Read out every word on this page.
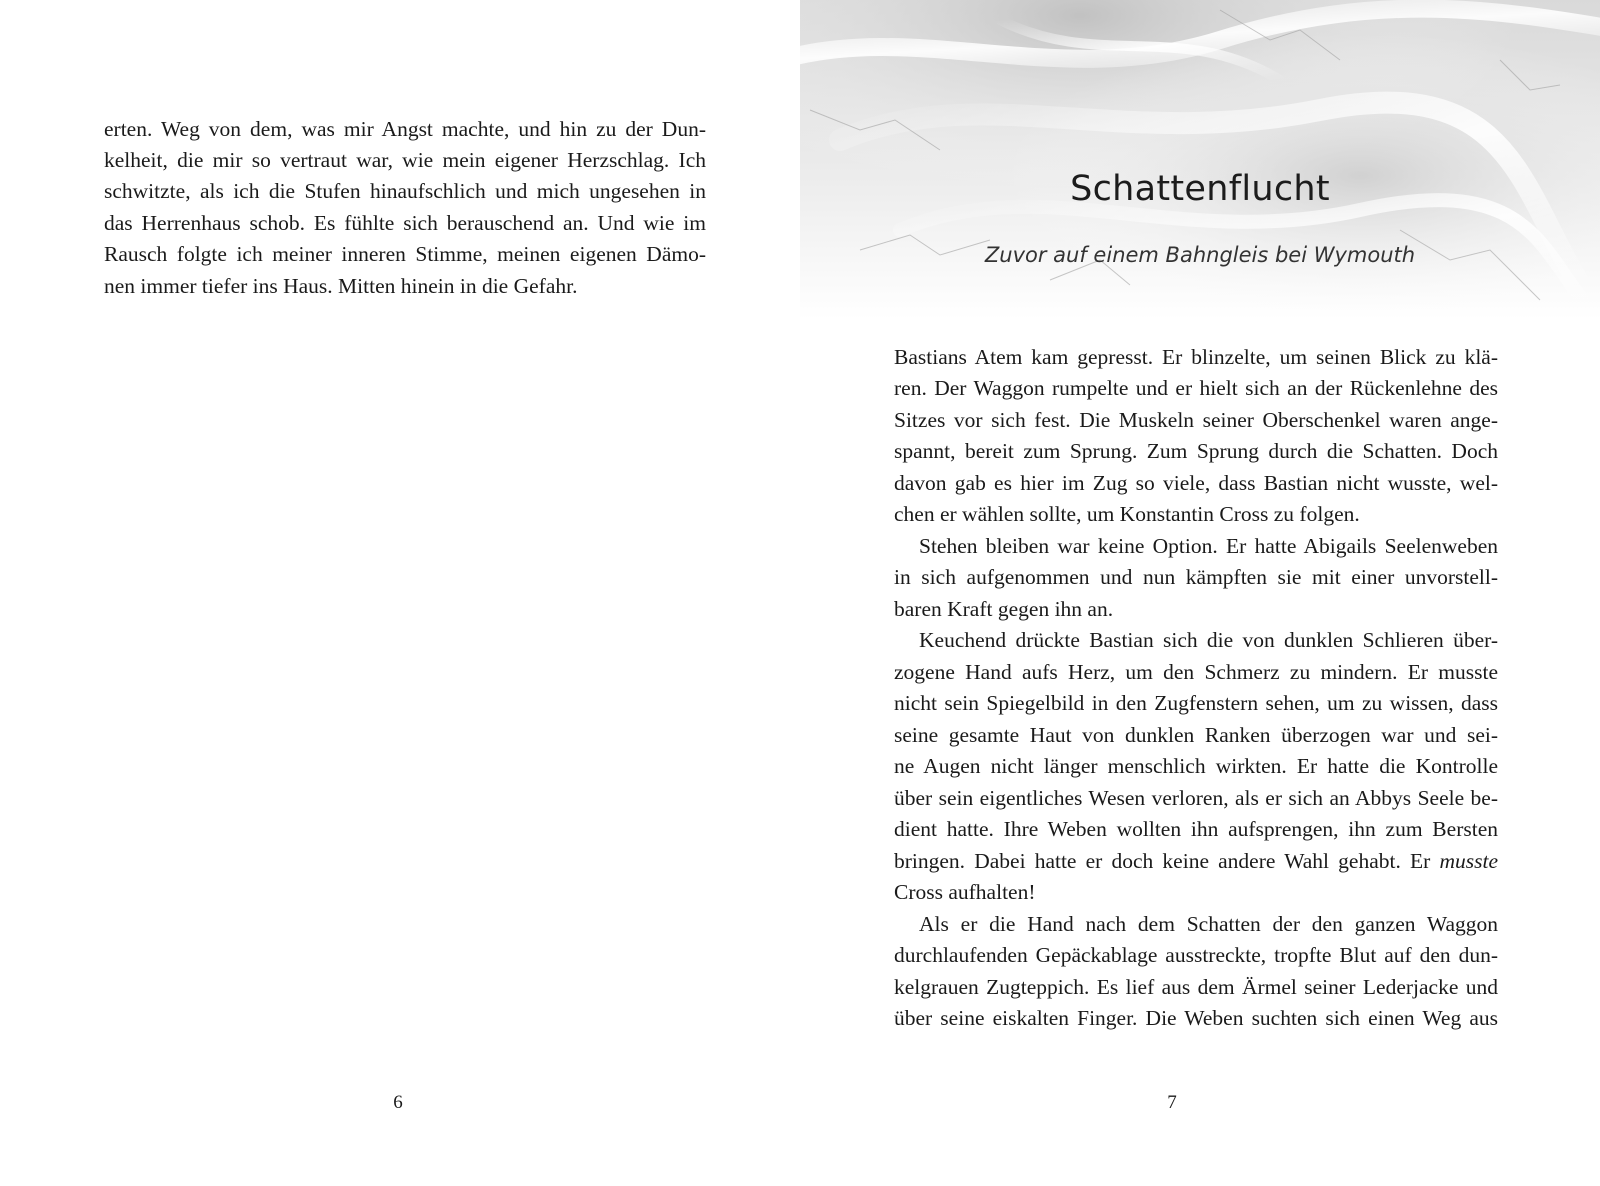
erten. Weg von dem, was mir Angst machte, und hin zu der Dun-
kelheit, die mir so vertraut war, wie mein eigener Herzschlag. Ich
schwitzte, als ich die Stufen hinaufschlich und mich ungesehen in
das Herrenhaus schob. Es fühlte sich berauschend an. Und wie im
Rausch folgte ich meiner inneren Stimme, meinen eigenen Dämo-
nen immer tiefer ins Haus. Mitten hinein in die Gefahr.
6
Schattenflucht
Zuvor auf einem Bahngleis bei Wymouth
Bastians Atem kam gepresst. Er blinzelte, um seinen Blick zu klä-
ren. Der Waggon rumpelte und er hielt sich an der Rückenlehne des
Sitzes vor sich fest. Die Muskeln seiner Oberschenkel waren ange-
spannt, bereit zum Sprung. Zum Sprung durch die Schatten. Doch
davon gab es hier im Zug so viele, dass Bastian nicht wusste, wel-
chen er wählen sollte, um Konstantin Cross zu folgen.
Stehen bleiben war keine Option. Er hatte Abigails Seelenweben
in sich aufgenommen und nun kämpften sie mit einer unvorstell-
baren Kraft gegen ihn an.
Keuchend drückte Bastian sich die von dunklen Schlieren über-
zogene Hand aufs Herz, um den Schmerz zu mindern. Er musste
nicht sein Spiegelbild in den Zugfenstern sehen, um zu wissen, dass
seine gesamte Haut von dunklen Ranken überzogen war und sei-
ne Augen nicht länger menschlich wirkten. Er hatte die Kontrolle
über sein eigentliches Wesen verloren, als er sich an Abbys Seele be-
dient hatte. Ihre Weben wollten ihn aufsprengen, ihn zum Bersten
bringen. Dabei hatte er doch keine andere Wahl gehabt. Er musste
Cross aufhalten!
Als er die Hand nach dem Schatten der den ganzen Waggon
durchlaufenden Gepäckablage ausstreckte, tropfte Blut auf den dun-
kelgrauen Zugteppich. Es lief aus dem Ärmel seiner Lederjacke und
über seine eiskalten Finger. Die Weben suchten sich einen Weg aus
7
